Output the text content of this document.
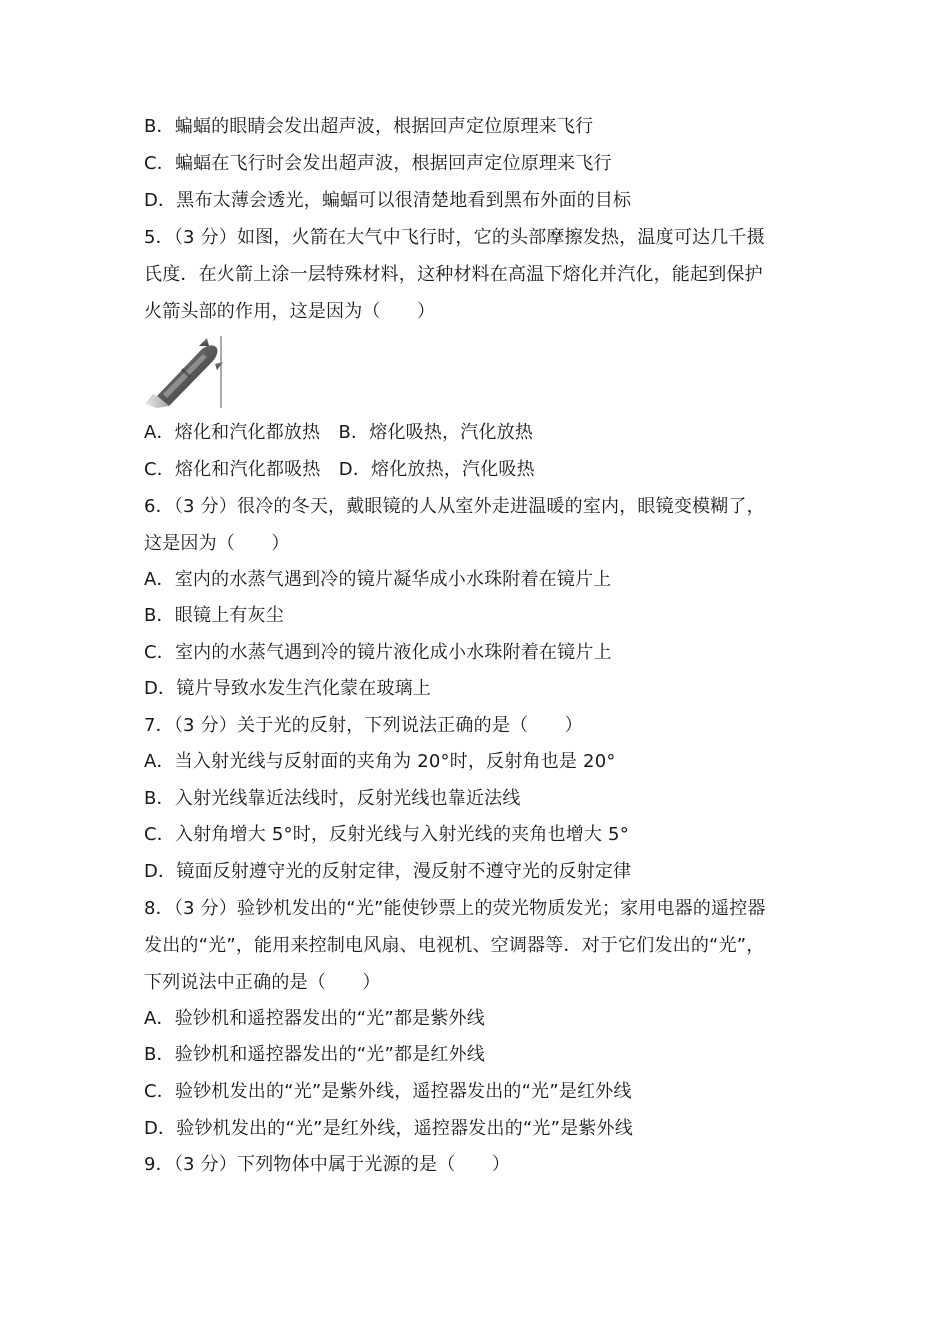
B．蝙蝠的眼睛会发出超声波，根据回声定位原理来飞行
C．蝙蝠在飞行时会发出超声波，根据回声定位原理来飞行
D．黑布太薄会透光，蝙蝠可以很清楚地看到黑布外面的目标
5．（3 分）如图，火箭在大气中飞行时，它的头部摩擦发热，温度可达几千摄
氏度．在火箭上涂一层特殊材料，这种材料在高温下熔化并汽化，能起到保护
火箭头部的作用，这是因为（　　）
A．熔化和汽化都放热　B．熔化吸热，汽化放热
C．熔化和汽化都吸热　D．熔化放热，汽化吸热
6．（3 分）很冷的冬天，戴眼镜的人从室外走进温暖的室内，眼镜变模糊了，
这是因为（　　）
A．室内的水蒸气遇到冷的镜片凝华成小水珠附着在镜片上
B．眼镜上有灰尘
C．室内的水蒸气遇到冷的镜片液化成小水珠附着在镜片上
D．镜片导致水发生汽化蒙在玻璃上
7．（3 分）关于光的反射，下列说法正确的是（　　）
A．当入射光线与反射面的夹角为 20°时，反射角也是 20°
B．入射光线靠近法线时，反射光线也靠近法线
C．入射角增大 5°时，反射光线与入射光线的夹角也增大 5°
D．镜面反射遵守光的反射定律，漫反射不遵守光的反射定律
8．（3 分）验钞机发出的“光”能使钞票上的荧光物质发光；家用电器的遥控器
发出的“光”，能用来控制电风扇、电视机、空调器等．对于它们发出的“光”，
下列说法中正确的是（　　）
A．验钞机和遥控器发出的“光”都是紫外线
B．验钞机和遥控器发出的“光”都是红外线
C．验钞机发出的“光”是紫外线，遥控器发出的“光”是红外线
D．验钞机发出的“光”是红外线，遥控器发出的“光”是紫外线
9．（3 分）下列物体中属于光源的是（　　）
